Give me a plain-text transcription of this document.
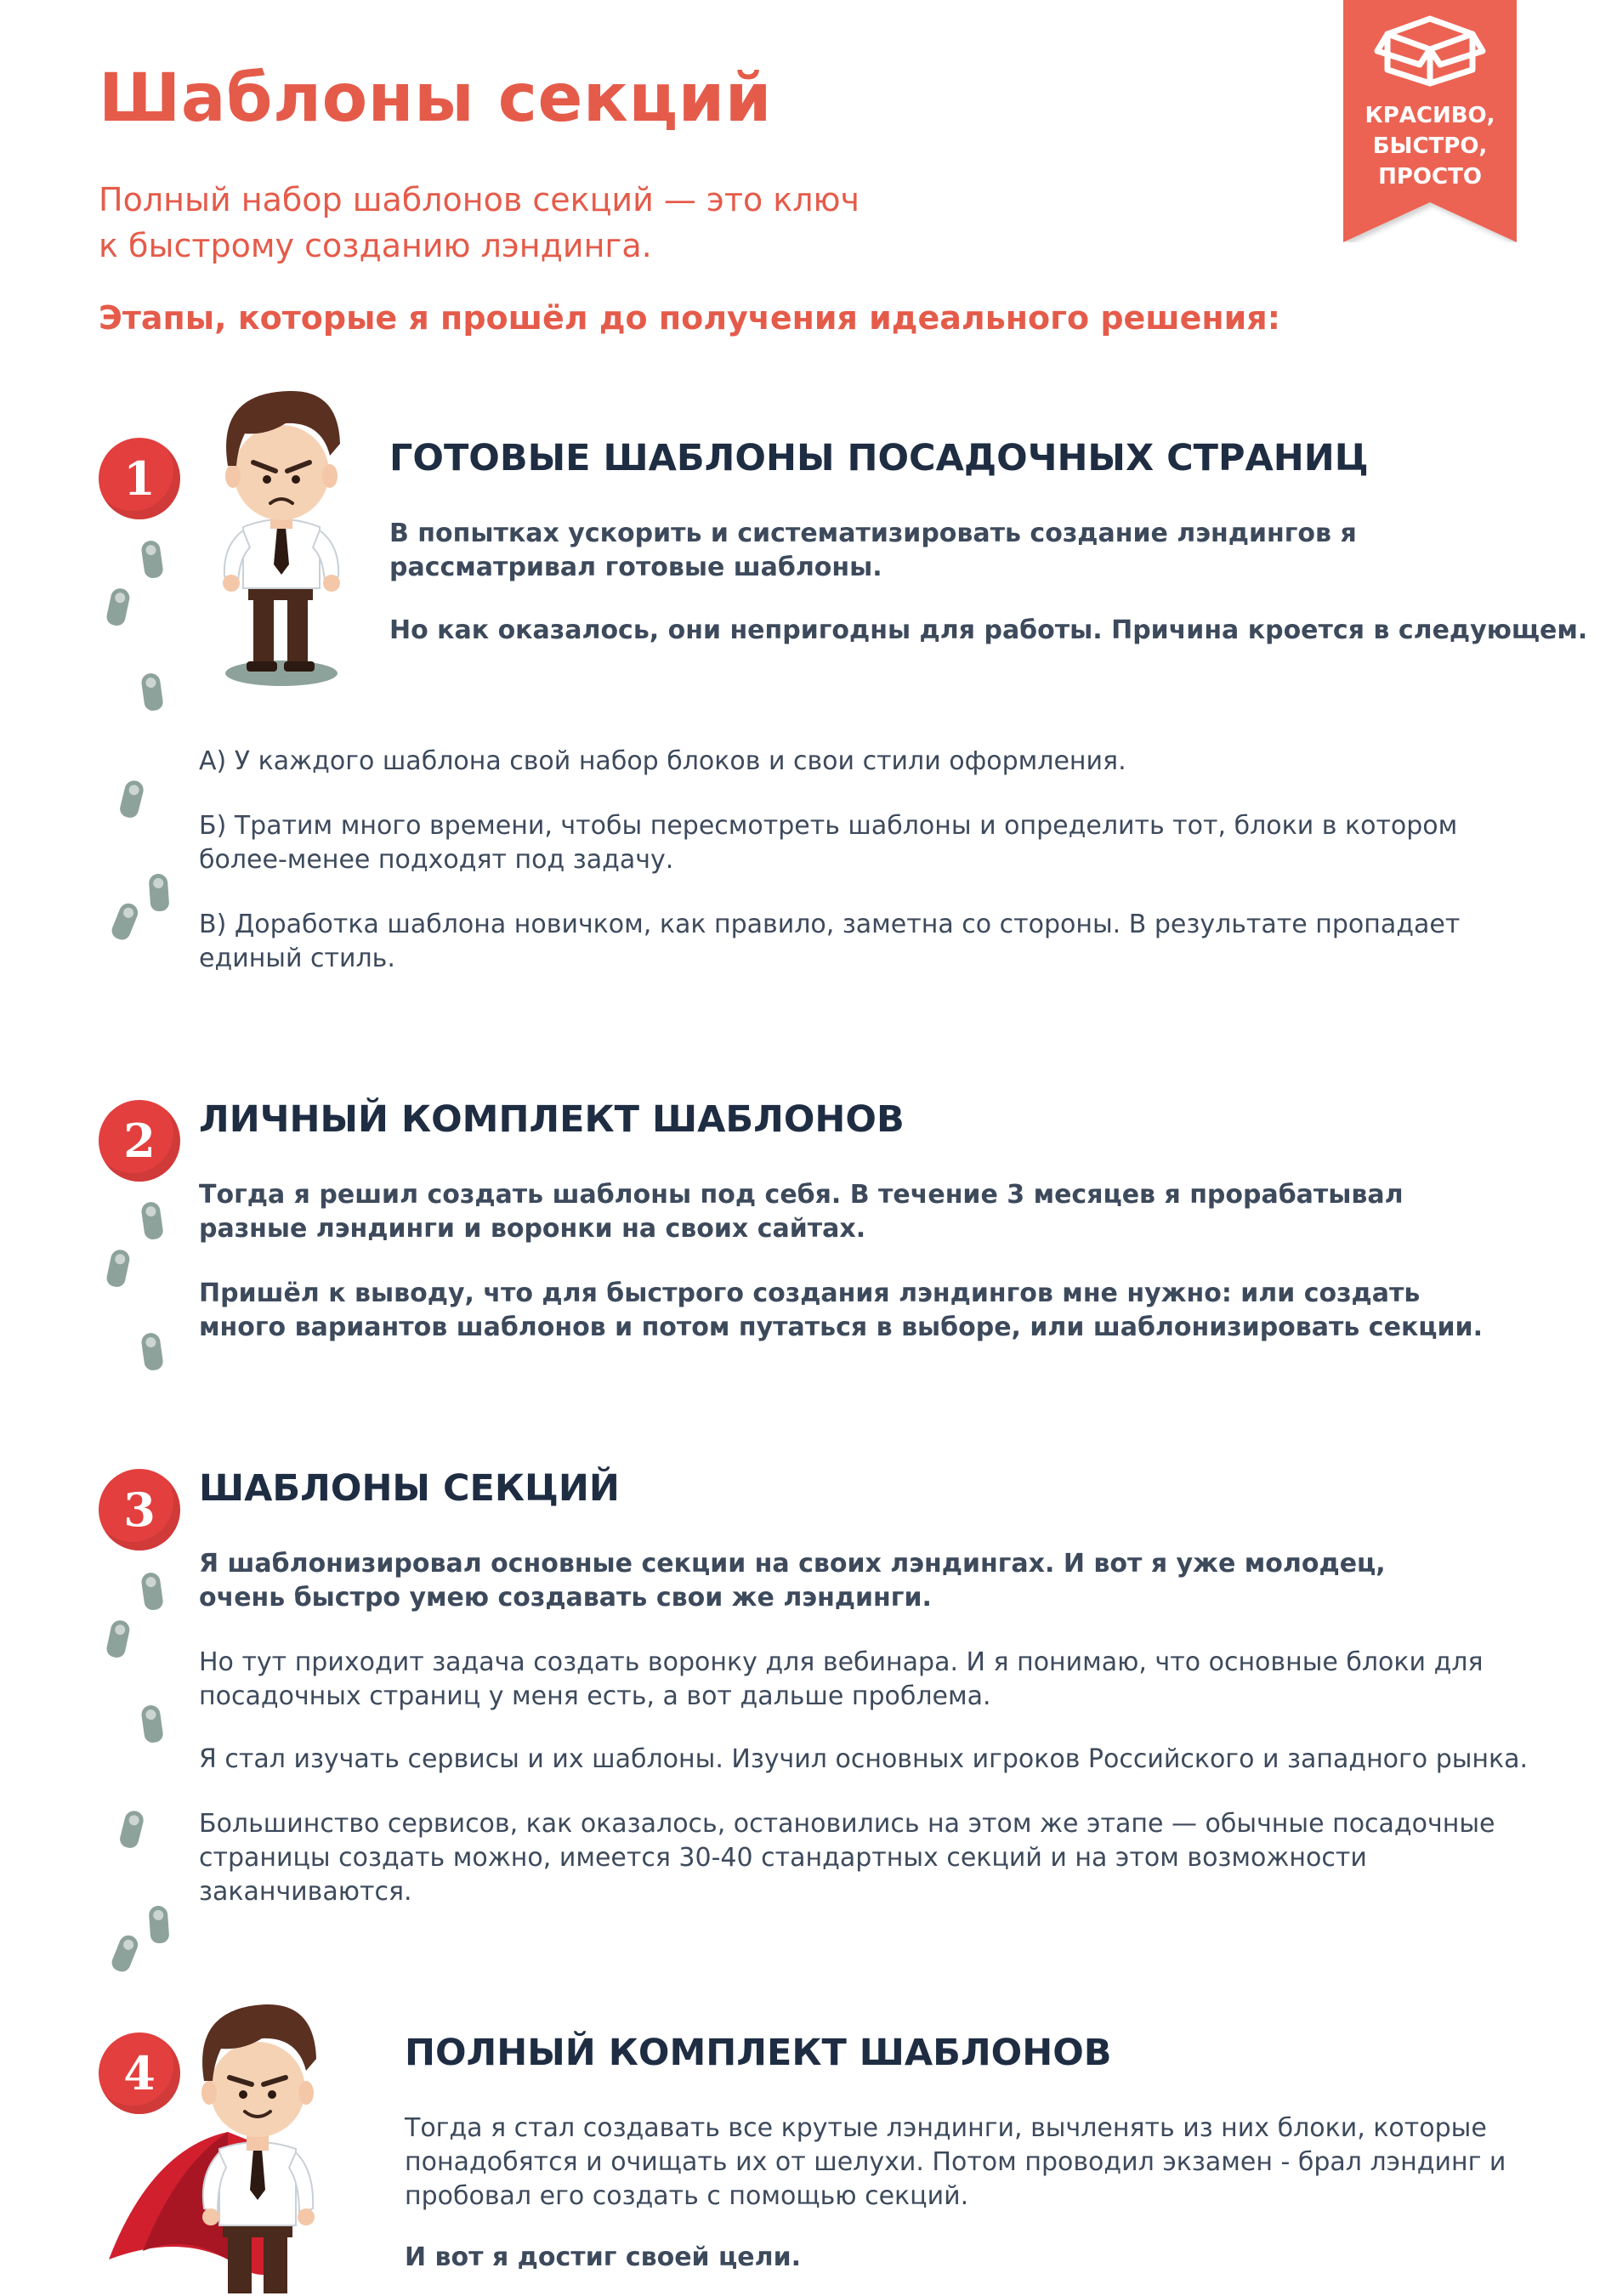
Шаблоны секций
Полный набор шаблонов секций — это ключ
к быстрому созданию лэндинга.
Этапы, которые я прошёл до получения идеального решения:
КРАСИВО,
БЫСТРО,
ПРОСТО
1
2
3
4
ГОТОВЫЕ ШАБЛОНЫ ПОСАДОЧНЫХ СТРАНИЦ

В попытках ускорить и систематизировать создание лэндингов я рассматривал готовые шаблоны.

Но как оказалось, они непригодны для работы. Причина кроется в следующем.

А) У каждого шаблона свой набор блоков и свои стили оформления.

Б) Тратим много времени, чтобы пересмотреть шаблоны и определить тот, блоки в котором более-менее подходят под задачу.

В) Доработка шаблона новичком, как правило, заметна со стороны. В результате пропадает единый стиль.

ЛИЧНЫЙ КОМПЛЕКТ ШАБЛОНОВ

Тогда я решил создать шаблоны под себя. В течение 3 месяцев я прорабатывал разные лэндинги и воронки на своих сайтах.

Пришёл к выводу, что для быстрого создания лэндингов мне нужно: или создать много вариантов шаблонов и потом путаться в выборе, или шаблонизировать секции.

ШАБЛОНЫ СЕКЦИЙ

Я шаблонизировал основные секции на своих лэндингах. И вот я уже молодец, очень быстро умею создавать свои же лэндинги.

Но тут приходит задача создать воронку для вебинара. И я понимаю, что основные блоки для посадочных страниц у меня есть, а вот дальше проблема.

Я стал изучать сервисы и их шаблоны. Изучил основных игроков Российского и западного рынка.

Большинство сервисов, как оказалось, остановились на этом же этапе — обычные посадочные страницы создать можно, имеется 30-40 стандартных секций и на этом возможности заканчиваются.

ПОЛНЫЙ КОМПЛЕКТ ШАБЛОНОВ

Тогда я стал создавать все крутые лэндинги, вычленять из них блоки, которые понадобятся и очищать их от шелухи. Потом проводил экзамен - брал лэндинг и пробовал его создать с помощью секций.

И вот я достиг своей цели.
